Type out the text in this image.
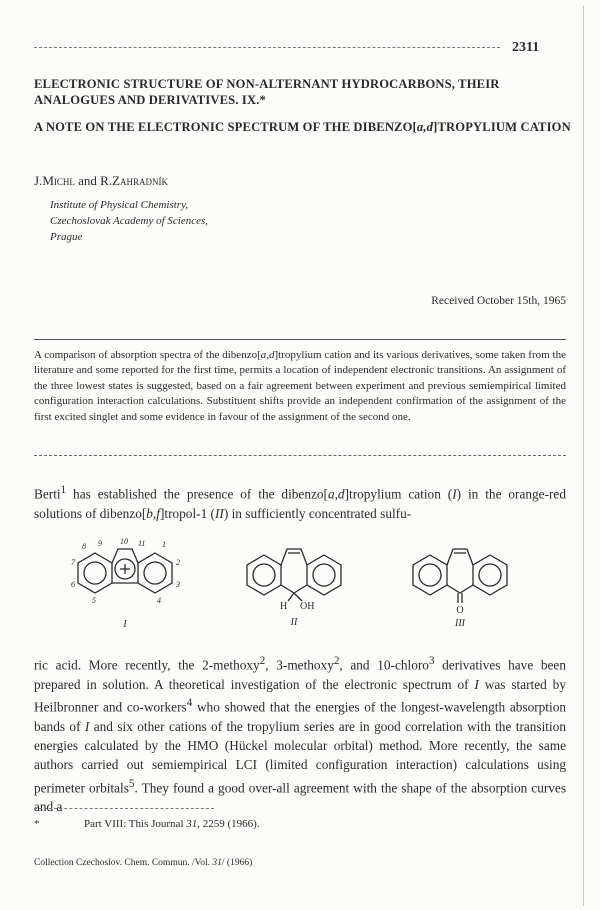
2311
ELECTRONIC STRUCTURE OF NON-ALTERNANT HYDROCARBONS, THEIR ANALOGUES AND DERIVATIVES. IX.*
A NOTE ON THE ELECTRONIC SPECTRUM OF THE DIBENZO[a,d]TROPYLIUM CATION
J.Michl and R.Zahradník
Institute of Physical Chemistry,
Czechoslovak Academy of Sciences,
Prague
Received October 15th, 1965

A comparison of absorption spectra of the dibenzo[a,d]tropylium cation and its various derivatives, some taken from the literature and some reported for the first time, permits a location of independent electronic transitions. An assignment of the three lowest states is suggested, based on a fair agreement between experiment and previous semiempirical limited configuration interaction calculations. Substituent shifts provide an independent confirmation of the assignment of the first excited singlet and some evidence in favour of the assignment of the second one.

Berti$^1$ has established the presence of the dibenzo[a,d]tropylium cation (I) in the orange-red solutions of dibenzo[b,f]tropol-1 (II) in sufficiently concentrated sulfu-

9 10 11 1
2
3
4
5
6
7
8
I
H OH
II
O
III

ric acid. More recently, the 2-methoxy$^2$, 3-methoxy$^2$, and 10-chloro$^3$ derivatives have been prepared in solution. A theoretical investigation of the electronic spectrum of I was started by Heilbronner and co-workers$^4$ who showed that the energies of the longest-wavelength absorption bands of I and six other cations of the tropylium series are in good correlation with the transition energies calculated by the HMO (Hückel molecular orbital) method. More recently, the same authors carried out semiempirical LCI (limited configuration interaction) calculations using perimeter orbitals$^5$. They found a good over-all agreement with the shape of the absorption curves and a

*	Part VIII: This Journal 31, 2259 (1966).
Collection Czechoslov. Chem. Commun. /Vol. 31/ (1966)
